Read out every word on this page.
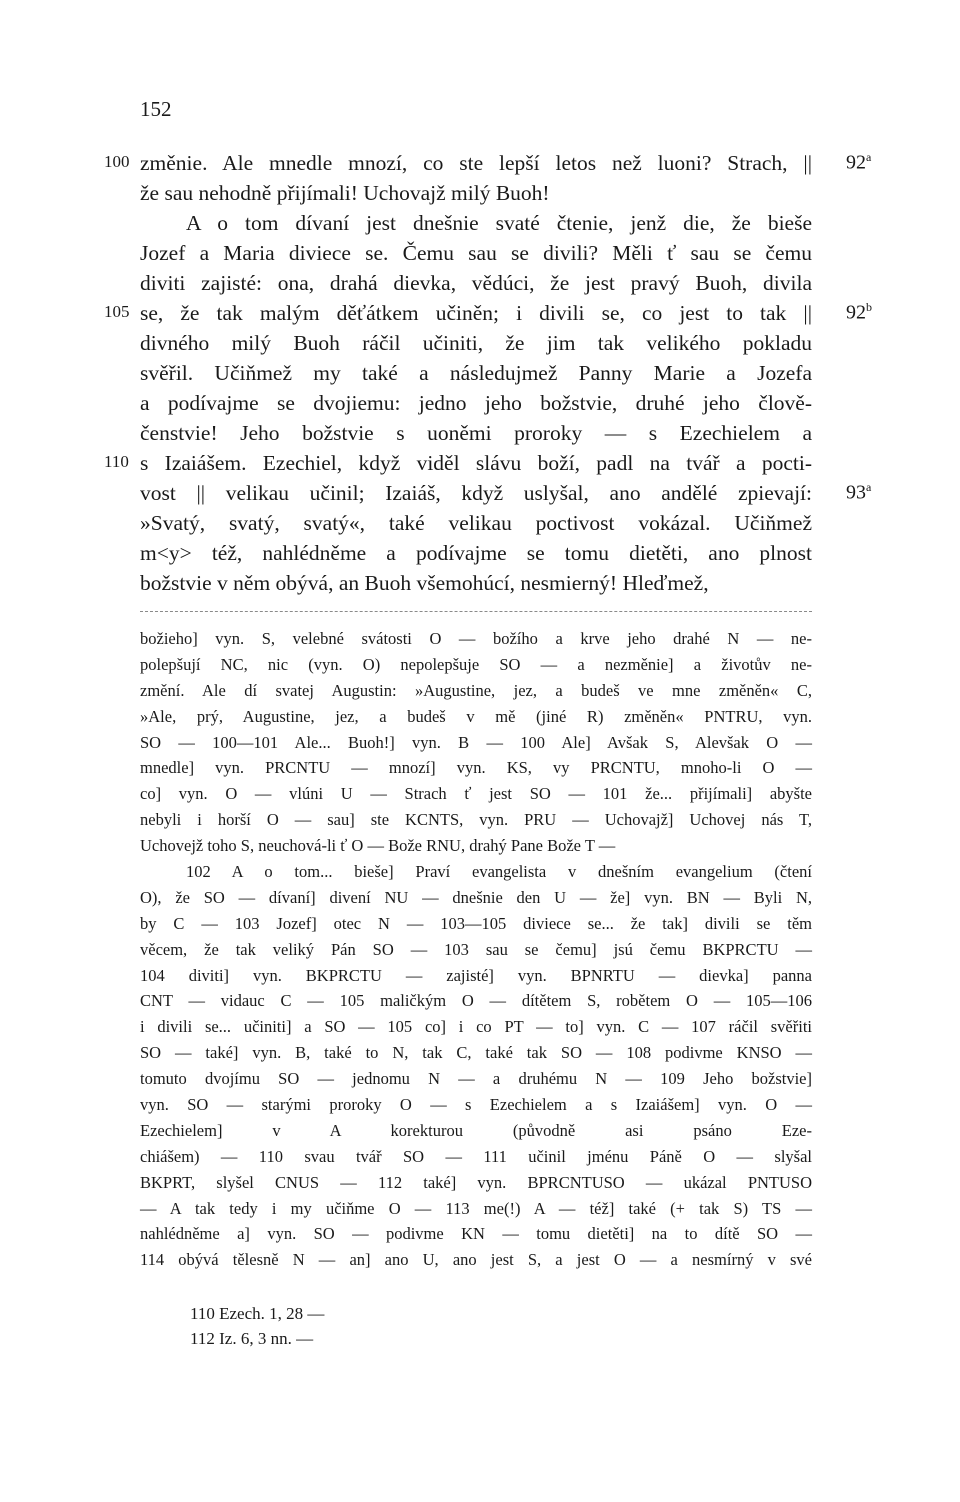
152
100 změnie. Ale mnedle mnozí, co ste lepší letos než luoni? Strach, || 92$^a$
že sau nehodně přijímali! Uchovajž milý Buoh!
A o tom dívaní jest dnešnie svaté čtenie, jenž die, že bieše
Jozef a Maria diviece se. Čemu sau se divili? Měli ť sau se čemu
diviti zajisté: ona, drahá dievka, vědúci, že jest pravý Buoh, divila
105 se, že tak malým děťátkem učiněn; i divili se, co jest to tak || 92$^b$
divného milý Buoh ráčil učiniti, že jim tak velikého pokladu
svěřil. Učiňmež my také a následujmež Panny Marie a Jozefa
a podívajme se dvojiemu: jedno jeho božstvie, druhé jeho člově-
čenstvie! Jeho božstvie s uoněmi proroky — s Ezechielem a
110 s Izaiášem. Ezechiel, když viděl slávu boží, padl na tvář a pocti-
vost || velikau učinil; Izaiáš, když uslyšal, ano andělé zpievají: 93$^a$
»Svatý, svatý, svatý«, také velikau poctivost vokázal. Učiňmež
m<y> též, nahlédněme a podívajme se tomu dietěti, ano plnost
božstvie v něm obývá, an Buoh všemohúcí, nesmierný! Hleďmež,
božieho] vyn. S, velebné svátosti O — božího a krve jeho drahé N — ne-
polepšují NC, nic (vyn. O) nepolepšuje SO — a nezměnie] a životův ne-
změní. Ale dí svatej Augustin: »Augustine, jez, a budeš ve mne změněn« C,
»Ale, prý, Augustine, jez, a budeš v mě (jiné R) změněn« PNTRU, vyn.
SO — 100—101 Ale... Buoh!] vyn. B — 100 Ale] Avšak S, Alevšak O —
mnedle] vyn. PRCNTU — mnozí] vyn. KS, vy PRCNTU, mnoho-li O —
co] vyn. O — vlúni U — Strach ť jest SO — 101 že... přijímali] abyšte
nebyli i horší O — sau] ste KCNTS, vyn. PRU — Uchovajž] Uchovej nás T,
Uchovejž toho S, neuchová-li ť O — Bože RNU, drahý Pane Bože T —
102 A o tom... bieše] Praví evangelista v dnešním evangelium (čtení
O), že SO — dívaní] divení NU — dnešnie den U — že] vyn. BN — Byli N,
by C — 103 Jozef] otec N — 103—105 diviece se... že tak] divili se těm
věcem, že tak veliký Pán SO — 103 sau se čemu] jsú čemu BKPRCTU —
104 diviti] vyn. BKPRCTU — zajisté] vyn. BPNRTU — dievka] panna
CNT — vidauc C — 105 maličkým O — dítětem S, robětem O — 105—106
i divili se... učiniti] a SO — 105 co] i co PT — to] vyn. C — 107 ráčil svěřiti
SO — také] vyn. B, také to N, tak C, také tak SO — 108 podivme KNSO —
tomuto dvojímu SO — jednomu N — a druhému N — 109 Jeho božstvie]
vyn. SO — starými proroky O — s Ezechielem a s Izaiášem] vyn. O —
Ezechielem] v A korekturou (původně asi psáno Eze-
chiášem) — 110 svau tvář SO — 111 učinil jménu Páně O — slyšal
BKPRT, slyšel CNUS — 112 také] vyn. BPRCNTUSO — ukázal PNTUSO
— A tak tedy i my učiňme O — 113 me(!) A — též] také (+ tak S) TS —
nahlédněme a] vyn. SO — podivme KN — tomu dietěti] na to dítě SO —
114 obývá tělesně N — an] ano U, ano jest S, a jest O — a nesmírný v své
110 Ezech. 1, 28 —
112 Iz. 6, 3 nn. —
